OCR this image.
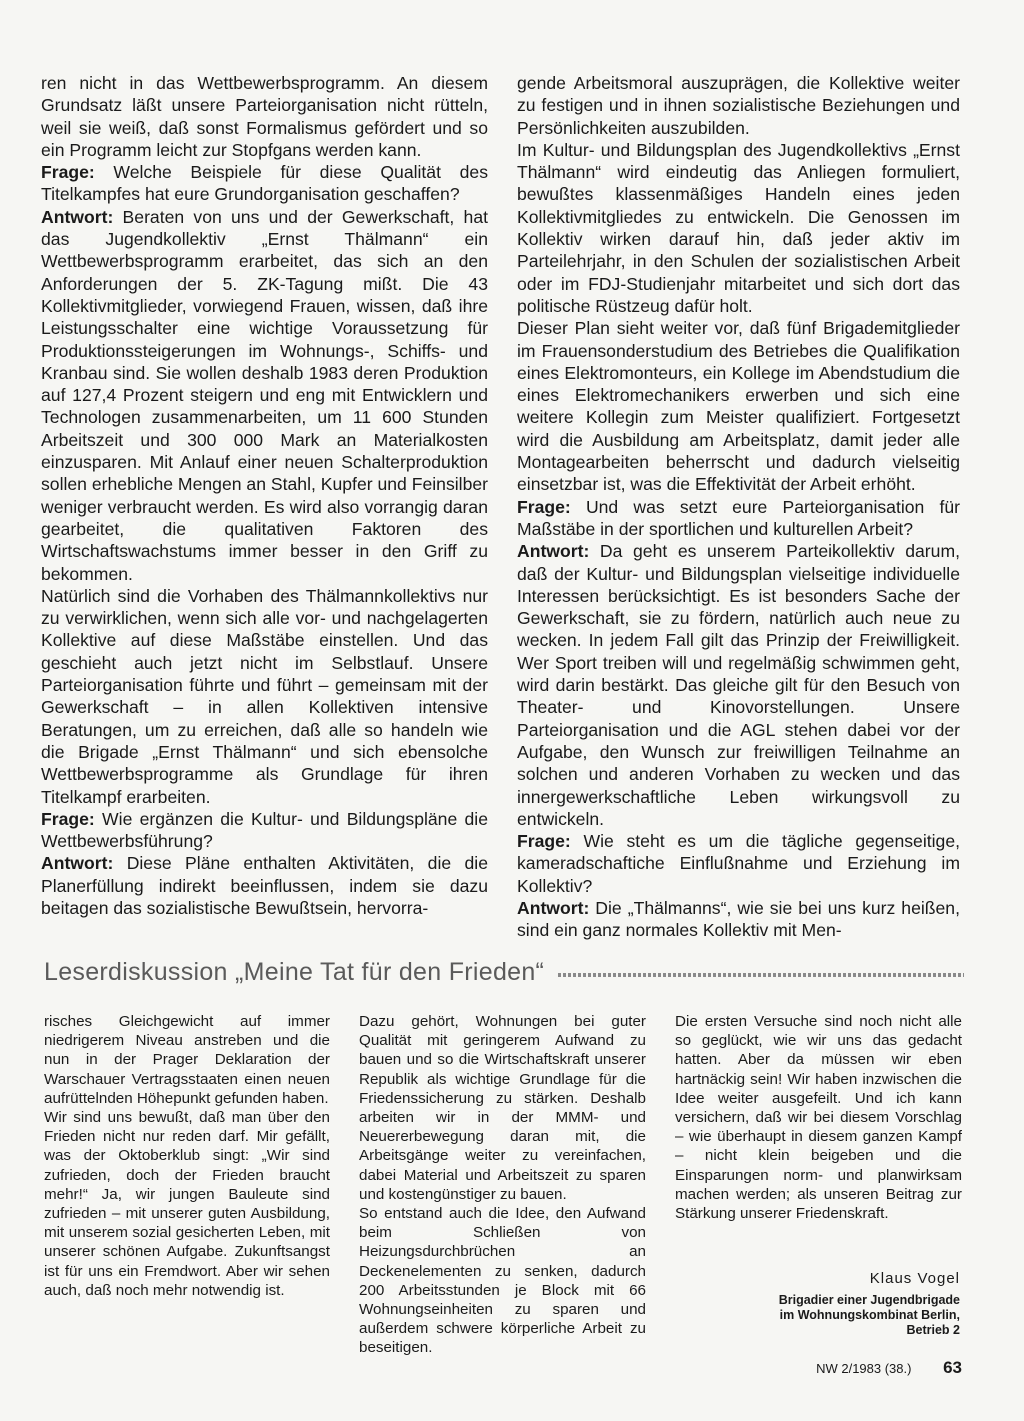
ren nicht in das Wettbewerbsprogramm. An diesem Grundsatz läßt unsere Parteiorganisation nicht rütteln, weil sie weiß, daß sonst Formalismus gefördert und so ein Programm leicht zur Stopfgans werden kann.

Frage: Welche Beispiele für diese Qualität des Titelkampfes hat eure Grundorganisation geschaffen?

Antwort: Beraten von uns und der Gewerkschaft, hat das Jugendkollektiv „Ernst Thälmann“ ein Wettbewerbsprogramm erarbeitet, das sich an den Anforderungen der 5. ZK-Tagung mißt. Die 43 Kollektivmitglieder, vorwiegend Frauen, wissen, daß ihre Leistungsschalter eine wichtige Voraussetzung für Produktionssteigerungen im Wohnungs-, Schiffs- und Kranbau sind. Sie wollen deshalb 1983 deren Produktion auf 127,4 Prozent steigern und eng mit Entwicklern und Technologen zusammenarbeiten, um 11 600 Stunden Arbeitszeit und 300 000 Mark an Materialkosten einzusparen. Mit Anlauf einer neuen Schalterproduktion sollen erhebliche Mengen an Stahl, Kupfer und Feinsilber weniger verbraucht werden. Es wird also vorrangig daran gearbeitet, die qualitativen Faktoren des Wirtschaftswachstums immer besser in den Griff zu bekommen.

Natürlich sind die Vorhaben des Thälmannkollektivs nur zu verwirklichen, wenn sich alle vor- und nachgelagerten Kollektive auf diese Maßstäbe einstellen. Und das geschieht auch jetzt nicht im Selbstlauf. Unsere Parteiorganisation führte und führt – gemeinsam mit der Gewerkschaft – in allen Kollektiven intensive Beratungen, um zu erreichen, daß alle so handeln wie die Brigade „Ernst Thälmann“ und sich ebensolche Wettbewerbsprogramme als Grundlage für ihren Titelkampf erarbeiten.

Frage: Wie ergänzen die Kultur- und Bildungspläne die Wettbewerbsführung?

Antwort: Diese Pläne enthalten Aktivitäten, die die Planerfüllung indirekt beeinflussen, indem sie dazu beitagen das sozialistische Bewußtsein, hervorra-

gende Arbeitsmoral auszuprägen, die Kollektive weiter zu festigen und in ihnen sozialistische Beziehungen und Persönlichkeiten auszubilden.

Im Kultur- und Bildungsplan des Jugendkollektivs „Ernst Thälmann“ wird eindeutig das Anliegen formuliert, bewußtes klassenmäßiges Handeln eines jeden Kollektivmitgliedes zu entwickeln. Die Genossen im Kollektiv wirken darauf hin, daß jeder aktiv im Parteilehrjahr, in den Schulen der sozialistischen Arbeit oder im FDJ-Studienjahr mitarbeitet und sich dort das politische Rüstzeug dafür holt.

Dieser Plan sieht weiter vor, daß fünf Brigademitglieder im Frauensonderstudium des Betriebes die Qualifikation eines Elektromonteurs, ein Kollege im Abendstudium die eines Elektromechanikers erwerben und sich eine weitere Kollegin zum Meister qualifiziert. Fortgesetzt wird die Ausbildung am Arbeitsplatz, damit jeder alle Montagearbeiten beherrscht und dadurch vielseitig einsetzbar ist, was die Effektivität der Arbeit erhöht.

Frage: Und was setzt eure Parteiorganisation für Maßstäbe in der sportlichen und kulturellen Arbeit?

Antwort: Da geht es unserem Parteikollektiv darum, daß der Kultur- und Bildungsplan vielseitige individuelle Interessen berücksichtigt. Es ist besonders Sache der Gewerkschaft, sie zu fördern, natürlich auch neue zu wecken. In jedem Fall gilt das Prinzip der Freiwilligkeit. Wer Sport treiben will und regelmäßig schwimmen geht, wird darin bestärkt. Das gleiche gilt für den Besuch von Theater- und Kinovorstellungen. Unsere Parteiorganisation und die AGL stehen dabei vor der Aufgabe, den Wunsch zur freiwilligen Teilnahme an solchen und anderen Vorhaben zu wecken und das innergewerkschaftliche Leben wirkungsvoll zu entwickeln.

Frage: Wie steht es um die tägliche gegenseitige, kameradschaftiche Einflußnahme und Erziehung im Kollektiv?

Antwort: Die „Thälmanns“, wie sie bei uns kurz heißen, sind ein ganz normales Kollektiv mit Men-

Leserdiskussion „Meine Tat für den Frieden“

risches Gleichgewicht auf immer niedrigerem Niveau anstreben und die nun in der Prager Deklaration der Warschauer Vertragsstaaten einen neuen aufrüttelnden Höhepunkt gefunden haben.

Wir sind uns bewußt, daß man über den Frieden nicht nur reden darf. Mir gefällt, was der Oktoberklub singt: „Wir sind zufrieden, doch der Frieden braucht mehr!“ Ja, wir jungen Bauleute sind zufrieden – mit unserer guten Ausbildung, mit unserem sozial gesicherten Leben, mit unserer schönen Aufgabe. Zukunftsangst ist für uns ein Fremdwort. Aber wir sehen auch, daß noch mehr notwendig ist.

Dazu gehört, Wohnungen bei guter Qualität mit geringerem Aufwand zu bauen und so die Wirtschaftskraft unserer Republik als wichtige Grundlage für die Friedenssicherung zu stärken. Deshalb arbeiten wir in der MMM- und Neuererbewegung daran mit, die Arbeitsgänge weiter zu vereinfachen, dabei Material und Arbeitszeit zu sparen und kostengünstiger zu bauen.

So entstand auch die Idee, den Aufwand beim Schließen von Heizungsdurchbrüchen an Deckenelementen zu senken, dadurch 200 Arbeitsstunden je Block mit 66 Wohnungseinheiten zu sparen und außerdem schwere körperliche Arbeit zu beseitigen.

Die ersten Versuche sind noch nicht alle so geglückt, wie wir uns das gedacht hatten. Aber da müssen wir eben hartnäckig sein! Wir haben inzwischen die Idee weiter ausgefeilt. Und ich kann versichern, daß wir bei diesem Vorschlag – wie überhaupt in diesem ganzen Kampf – nicht klein beigeben und die Einsparungen norm- und planwirksam machen werden; als unseren Beitrag zur Stärkung unserer Friedenskraft.

Klaus Vogel
Brigadier einer Jugendbrigade
im Wohnungskombinat Berlin,
Betrieb 2
NW 2/1983 (38.) 63
